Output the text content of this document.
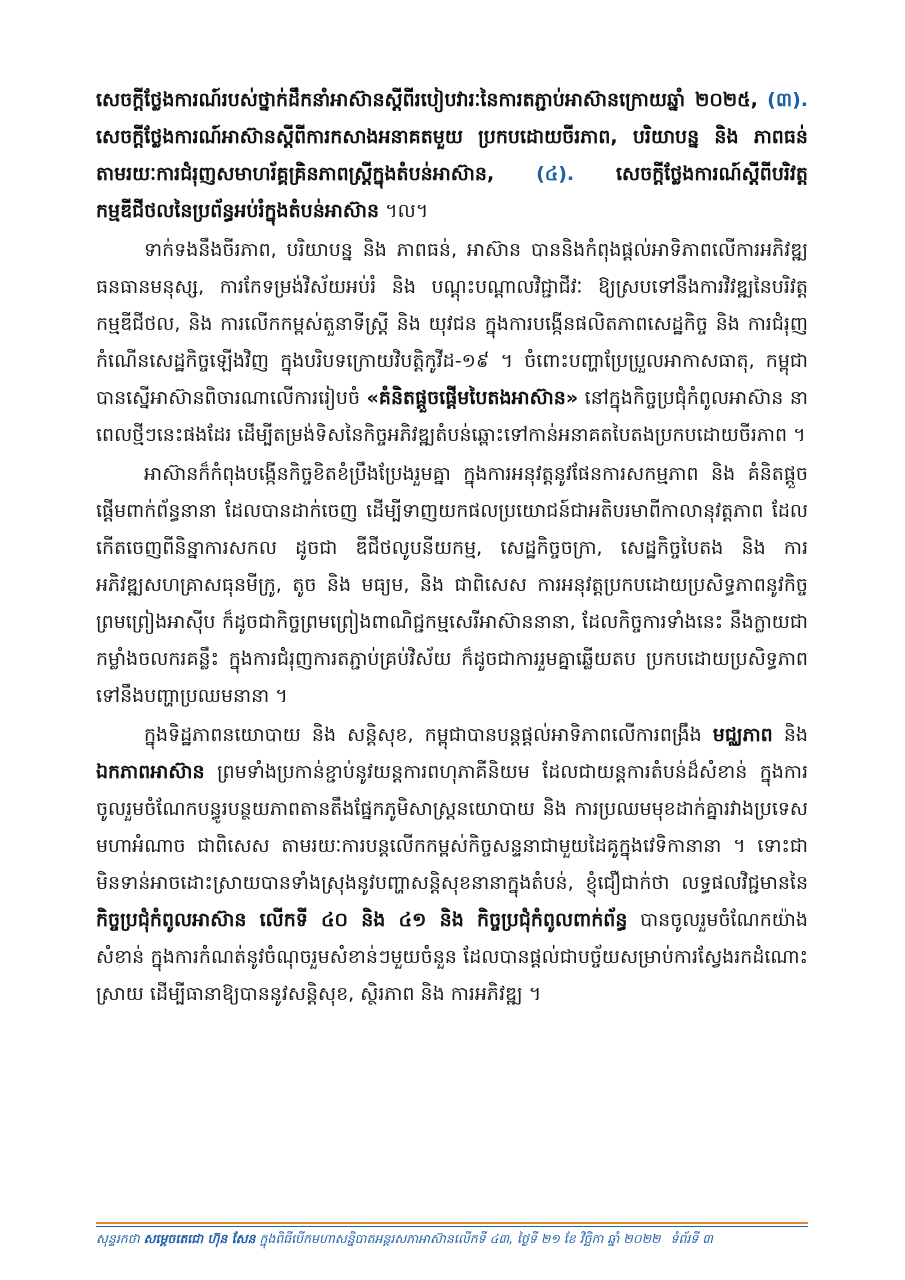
សេចក្តីថ្លែងការណ៍របស់ថ្នាក់ដឹកនាំអាស៊ានស្តីពីរបៀបវារៈនៃការតភ្ជាប់អាស៊ានក្រោយឆ្នាំ ២០២៥, (៣). សេចក្តីថ្លែងការណ៍អាស៊ានស្តីពីការកសាងអនាគតមួយ ប្រកបដោយចីរភាព, បរិយាបន្ន និង ភាពធន់ តាមរយៈការជំរុញសមាហរ័គ្គគ្រិនភាពស្ត្រីក្នុងតំបន់អាស៊ាន, (៤). សេចក្តីថ្លែងការណ៍ស្តីពីបរិវត្តកម្មឌីជីថលនៃប្រព័ន្ធអប់រំក្នុងតំបន់អាស៊ាន ។ល។

ទាក់ទងនឹងចីរភាព, បរិយាបន្ន និង ភាពធន់, អាស៊ាន បាននិងកំពុងផ្តល់អាទិភាពលើការអភិវឌ្ឍធនធានមនុស្ស, ការកែទម្រង់វិស័យអប់រំ និង បណ្តុះបណ្តាលវិជ្ជាជីវៈ ឱ្យស្របទៅនឹងការវិវឌ្ឍនៃបរិវត្តកម្មឌីជីថល, និង ការលើកកម្ពស់តួនាទីស្ត្រី និង យុវជន ក្នុងការបង្កើនផលិតភាពសេដ្ឋកិច្ច និង ការជំរុញកំណើនសេដ្ឋកិច្ចឡើងវិញ ក្នុងបរិបទក្រោយវិបត្តិកូវីដ-១៩ ។ ចំពោះបញ្ហាប្រែប្រួលអាកាសធាតុ, កម្ពុជា បានស្នើអាស៊ានពិចារណាលើការរៀបចំ «គំនិតផ្តួចផ្តើមបៃតងអាស៊ាន» នៅក្នុងកិច្ចប្រជុំកំពូលអាស៊ាន នាពេលថ្មីៗនេះផងដែរ ដើម្បីតម្រង់ទិសនៃកិច្ចអភិវឌ្ឍតំបន់ឆ្ពោះទៅកាន់អនាគតបៃតងប្រកបដោយចីរភាព ។

អាស៊ានក៏កំពុងបង្កើនកិច្ចខិតខំប្រឹងប្រែងរួមគ្នា ក្នុងការអនុវត្តនូវផែនការសកម្មភាព និង គំនិតផ្តួចផ្តើមពាក់ព័ន្ធនានា ដែលបានដាក់ចេញ ដើម្បីទាញយកផលប្រយោជន៍ជាអតិបរមាពីកាលានុវត្តភាព ដែលកើតចេញពីនិន្នាការសកល ដូចជា ឌីជីថលូបនីយកម្ម, សេដ្ឋកិច្ចចក្រា, សេដ្ឋកិច្ចបៃតង និង ការអភិវឌ្ឍសហគ្រាសធុនមីក្រូ, តូច និង មធ្យម, និង ជាពិសេស ការអនុវត្តប្រកបដោយប្រសិទ្ធភាពនូវកិច្ចព្រមព្រៀងអាស៊ីប ក៏ដូចជាកិច្ចព្រមព្រៀងពាណិជ្ជកម្មសេរីអាស៊ាននានា, ដែលកិច្ចការទាំងនេះ នឹងក្លាយជាកម្លាំងចលករគន្លឹះ ក្នុងការជំរុញការតភ្ជាប់គ្រប់វិស័យ ក៏ដូចជាការរួមគ្នាឆ្លើយតប ប្រកបដោយប្រសិទ្ធភាពទៅនឹងបញ្ហាប្រឈមនានា ។

ក្នុងទិដ្ឋភាពនយោបាយ និង សន្តិសុខ, កម្ពុជាបានបន្តផ្តល់អាទិភាពលើការពង្រឹង មជ្ឈភាព និង ឯកភាពអាស៊ាន ព្រមទាំងប្រកាន់ខ្ជាប់នូវយន្តការពហុភាគីនិយម ដែលជាយន្តការតំបន់ដ៏សំខាន់ ក្នុងការចូលរួមចំណែកបន្ធូរបន្ថយភាពតានតឹងផ្នែកភូមិសាស្ត្រនយោបាយ និង ការប្រឈមមុខដាក់គ្នារវាងប្រទេសមហាអំណាច ជាពិសេស តាមរយៈការបន្តលើកកម្ពស់កិច្ចសន្ទនាជាមួយដៃគូក្នុងវេទិកានានា ។ ទោះជាមិនទាន់អាចដោះស្រាយបានទាំងស្រុងនូវបញ្ហាសន្តិសុខនានាក្នុងតំបន់, ខ្ញុំជឿជាក់ថា លទ្ធផលវិជ្ជមាននៃ កិច្ចប្រជុំកំពូលអាស៊ាន លើកទី ៤០ និង ៤១ និង កិច្ចប្រជុំកំពូលពាក់ព័ន្ធ បានចូលរួមចំណែកយ៉ាងសំខាន់ ក្នុងការកំណត់នូវចំណុចរួមសំខាន់ៗមួយចំនួន ដែលបានផ្តល់ជាបច្ច័យសម្រាប់ការស្វែងរកដំណោះស្រាយ ដើម្បីធានាឱ្យបាននូវសន្តិសុខ, ស្ថិរភាព និង ការអភិវឌ្ឍ ។

សុន្ទរកថា សម្តេចតេជោ ហ៊ុន សែន ក្នុងពិធីបើកមហាសន្និបាតអន្តរសភាអាស៊ានលើកទី ៤៣, ថ្ងៃទី ២១ ខែ វិច្ឆិកា ឆ្នាំ ២០២២ ទំព័រទី ៣
